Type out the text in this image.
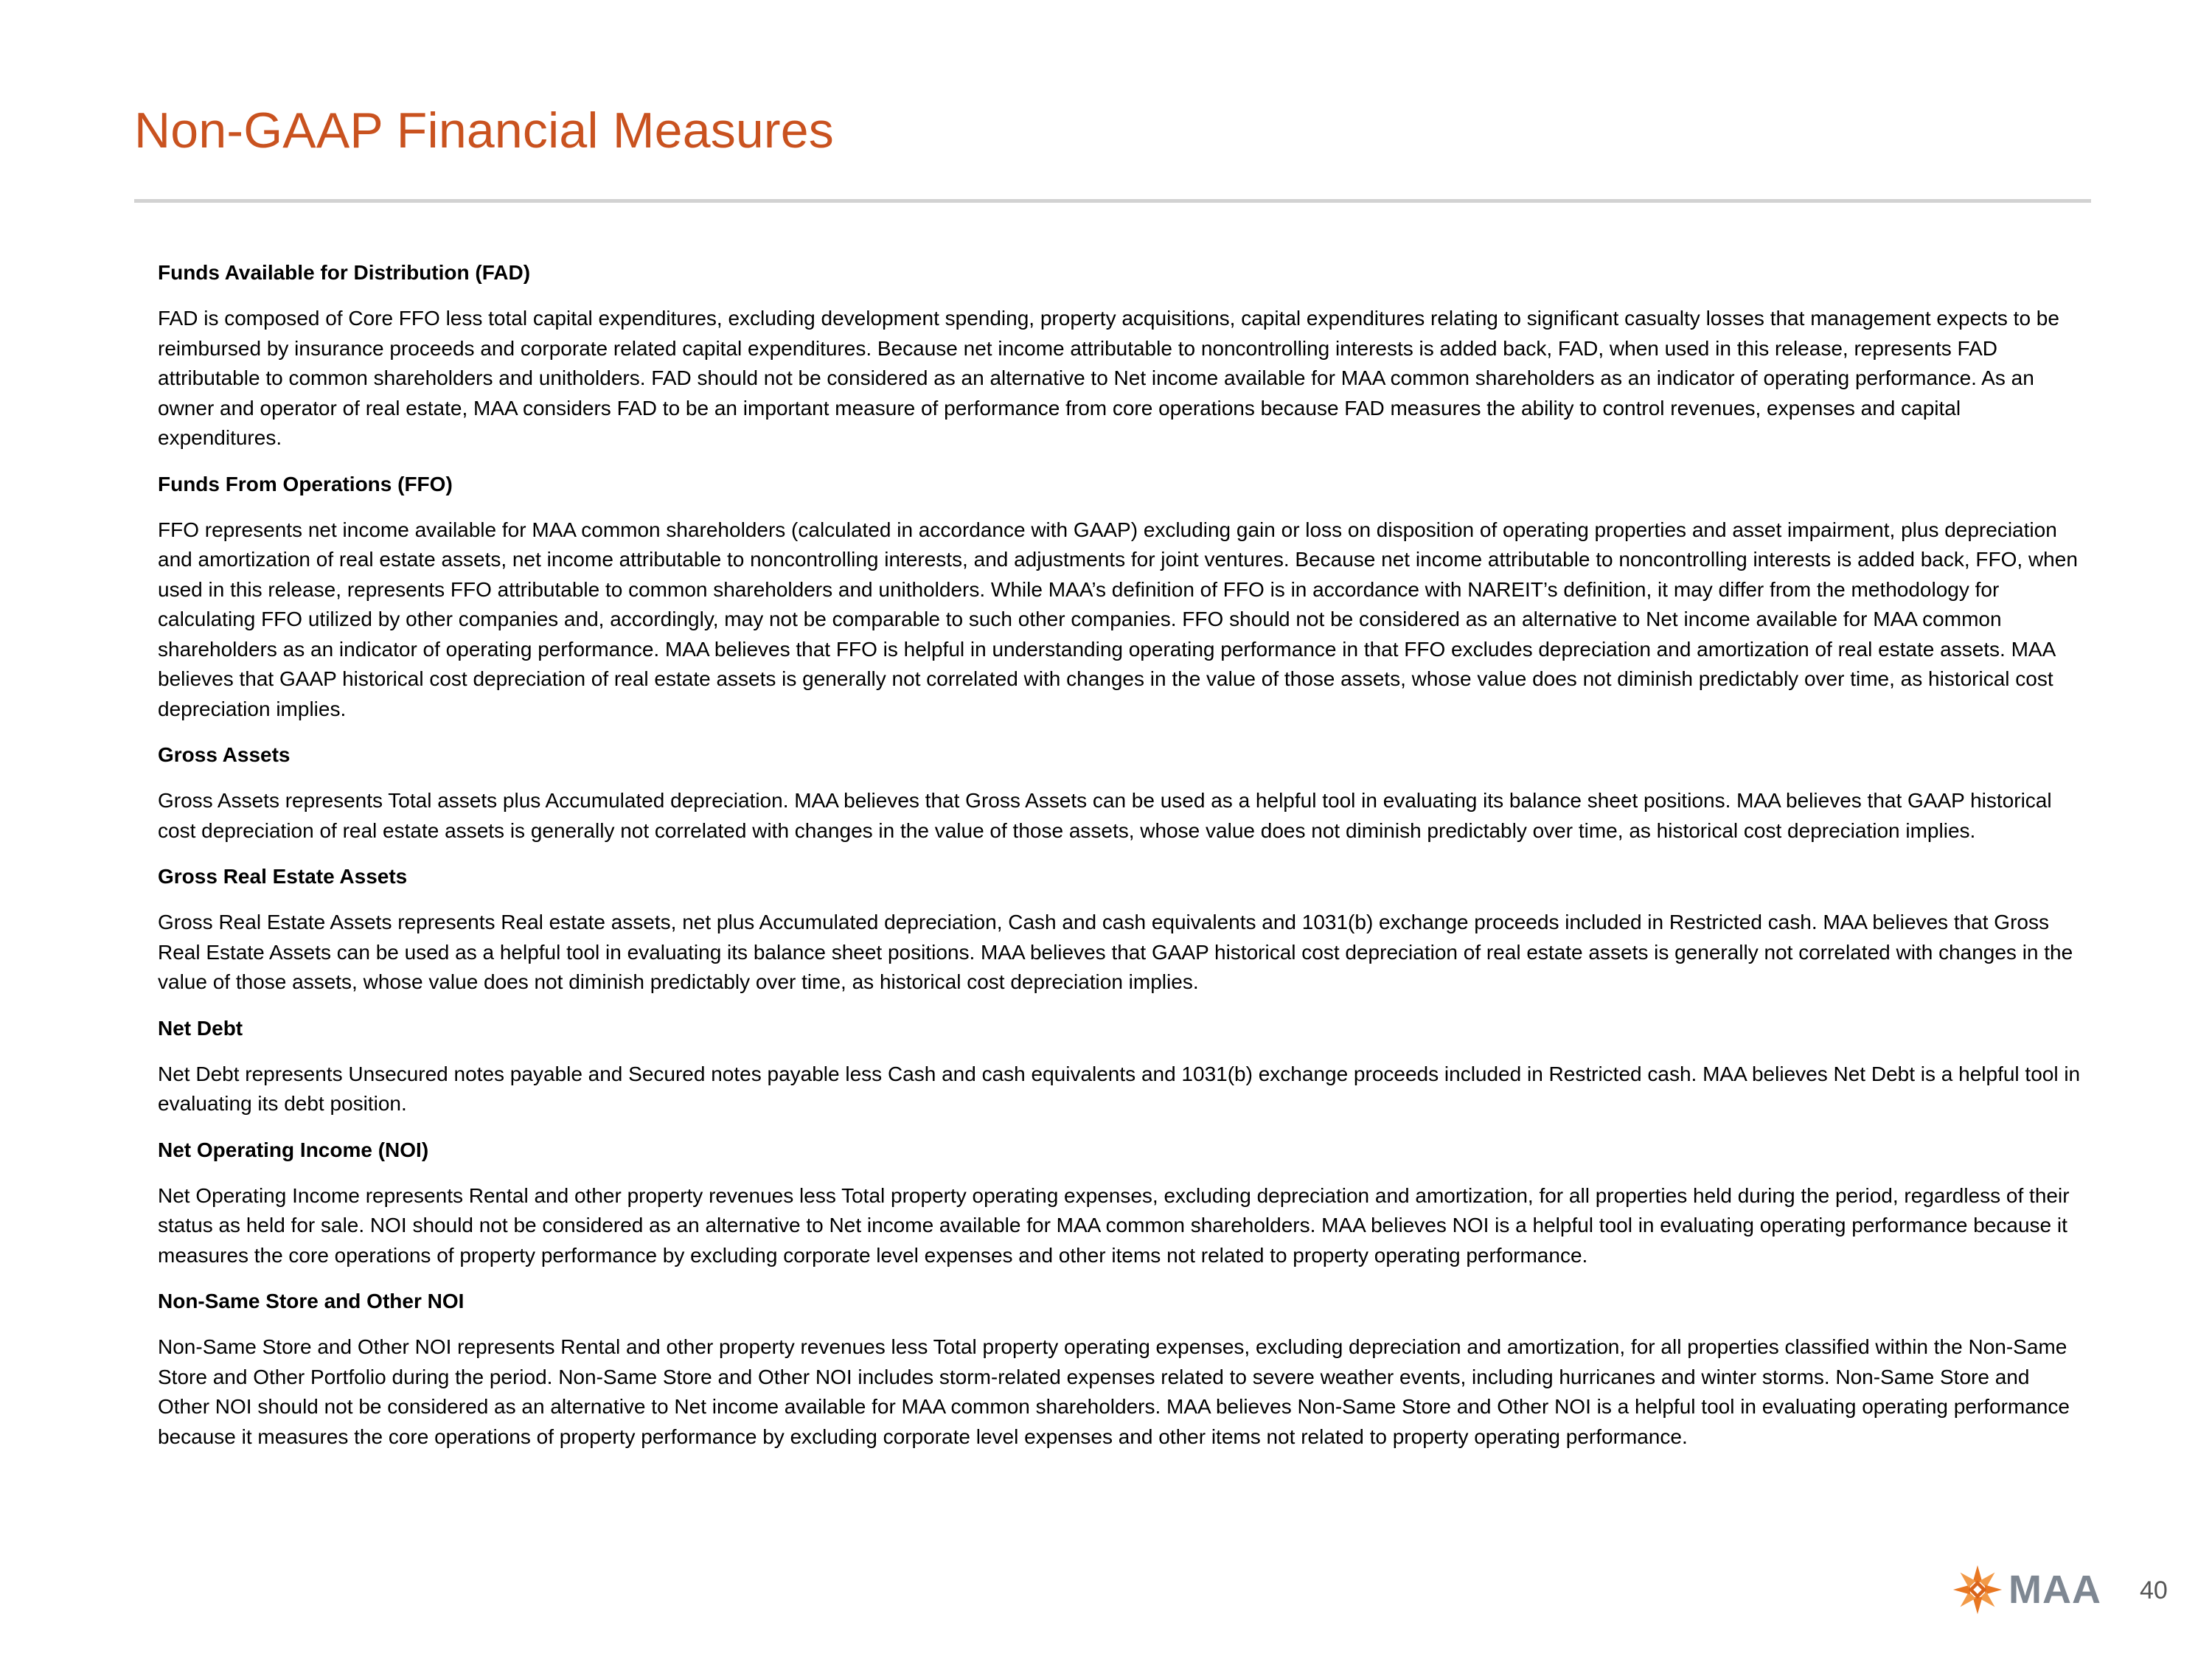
Non-GAAP Financial Measures

Funds Available for Distribution (FAD)

FAD is composed of Core FFO less total capital expenditures, excluding development spending, property acquisitions, capital expenditures relating to significant casualty losses that management expects to be reimbursed by insurance proceeds and corporate related capital expenditures. Because net income attributable to noncontrolling interests is added back, FAD, when used in this release, represents FAD attributable to common shareholders and unitholders. FAD should not be considered as an alternative to Net income available for MAA common shareholders as an indicator of operating performance. As an owner and operator of real estate, MAA considers FAD to be an important measure of performance from core operations because FAD measures the ability to control revenues, expenses and capital expenditures.

Funds From Operations (FFO)

FFO represents net income available for MAA common shareholders (calculated in accordance with GAAP) excluding gain or loss on disposition of operating properties and asset impairment, plus depreciation and amortization of real estate assets, net income attributable to noncontrolling interests, and adjustments for joint ventures. Because net income attributable to noncontrolling interests is added back, FFO, when used in this release, represents FFO attributable to common shareholders and unitholders. While MAA’s definition of FFO is in accordance with NAREIT’s definition, it may differ from the methodology for calculating FFO utilized by other companies and, accordingly, may not be comparable to such other companies. FFO should not be considered as an alternative to Net income available for MAA common shareholders as an indicator of operating performance. MAA believes that FFO is helpful in understanding operating performance in that FFO excludes depreciation and amortization of real estate assets. MAA believes that GAAP historical cost depreciation of real estate assets is generally not correlated with changes in the value of those assets, whose value does not diminish predictably over time, as historical cost depreciation implies.

Gross Assets

Gross Assets represents Total assets plus Accumulated depreciation. MAA believes that Gross Assets can be used as a helpful tool in evaluating its balance sheet positions. MAA believes that GAAP historical cost depreciation of real estate assets is generally not correlated with changes in the value of those assets, whose value does not diminish predictably over time, as historical cost depreciation implies.

Gross Real Estate Assets

Gross Real Estate Assets represents Real estate assets, net plus Accumulated depreciation, Cash and cash equivalents and 1031(b) exchange proceeds included in Restricted cash. MAA believes that Gross Real Estate Assets can be used as a helpful tool in evaluating its balance sheet positions. MAA believes that GAAP historical cost depreciation of real estate assets is generally not correlated with changes in the value of those assets, whose value does not diminish predictably over time, as historical cost depreciation implies.

Net Debt

Net Debt represents Unsecured notes payable and Secured notes payable less Cash and cash equivalents and 1031(b) exchange proceeds included in Restricted cash. MAA believes Net Debt is a helpful tool in evaluating its debt position.

Net Operating Income (NOI)

Net Operating Income represents Rental and other property revenues less Total property operating expenses, excluding depreciation and amortization, for all properties held during the period, regardless of their status as held for sale. NOI should not be considered as an alternative to Net income available for MAA common shareholders. MAA believes NOI is a helpful tool in evaluating operating performance because it measures the core operations of property performance by excluding corporate level expenses and other items not related to property operating performance.

Non-Same Store and Other NOI

Non-Same Store and Other NOI represents Rental and other property revenues less Total property operating expenses, excluding depreciation and amortization, for all properties classified within the Non-Same Store and Other Portfolio during the period. Non-Same Store and Other NOI includes storm-related expenses related to severe weather events, including hurricanes and winter storms. Non-Same Store and Other NOI should not be considered as an alternative to Net income available for MAA common shareholders. MAA believes Non-Same Store and Other NOI is a helpful tool in evaluating operating performance because it measures the core operations of property performance by excluding corporate level expenses and other items not related to property operating performance.

MAA 40
